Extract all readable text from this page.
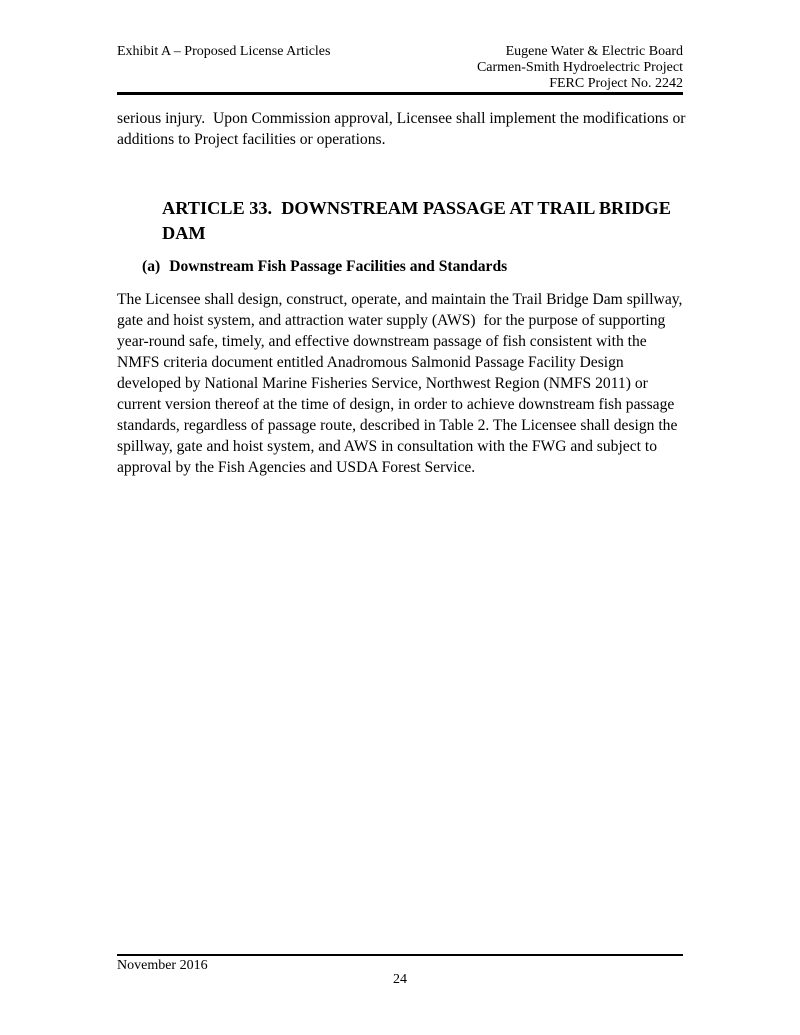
Exhibit A – Proposed License Articles	Eugene Water & Electric Board
Carmen-Smith Hydroelectric Project
FERC Project No. 2242
serious injury.  Upon Commission approval, Licensee shall implement the modifications or additions to Project facilities or operations.
ARTICLE 33.  DOWNSTREAM PASSAGE AT TRAIL BRIDGE DAM
(a) Downstream Fish Passage Facilities and Standards
The Licensee shall design, construct, operate, and maintain the Trail Bridge Dam spillway, gate and hoist system, and attraction water supply (AWS)  for the purpose of supporting year-round safe, timely, and effective downstream passage of fish consistent with the NMFS criteria document entitled Anadromous Salmonid Passage Facility Design developed by National Marine Fisheries Service, Northwest Region (NMFS 2011) or current version thereof at the time of design, in order to achieve downstream fish passage standards, regardless of passage route, described in Table 2. The Licensee shall design the spillway, gate and hoist system, and AWS in consultation with the FWG and subject to approval by the Fish Agencies and USDA Forest Service.
November 2016
24
